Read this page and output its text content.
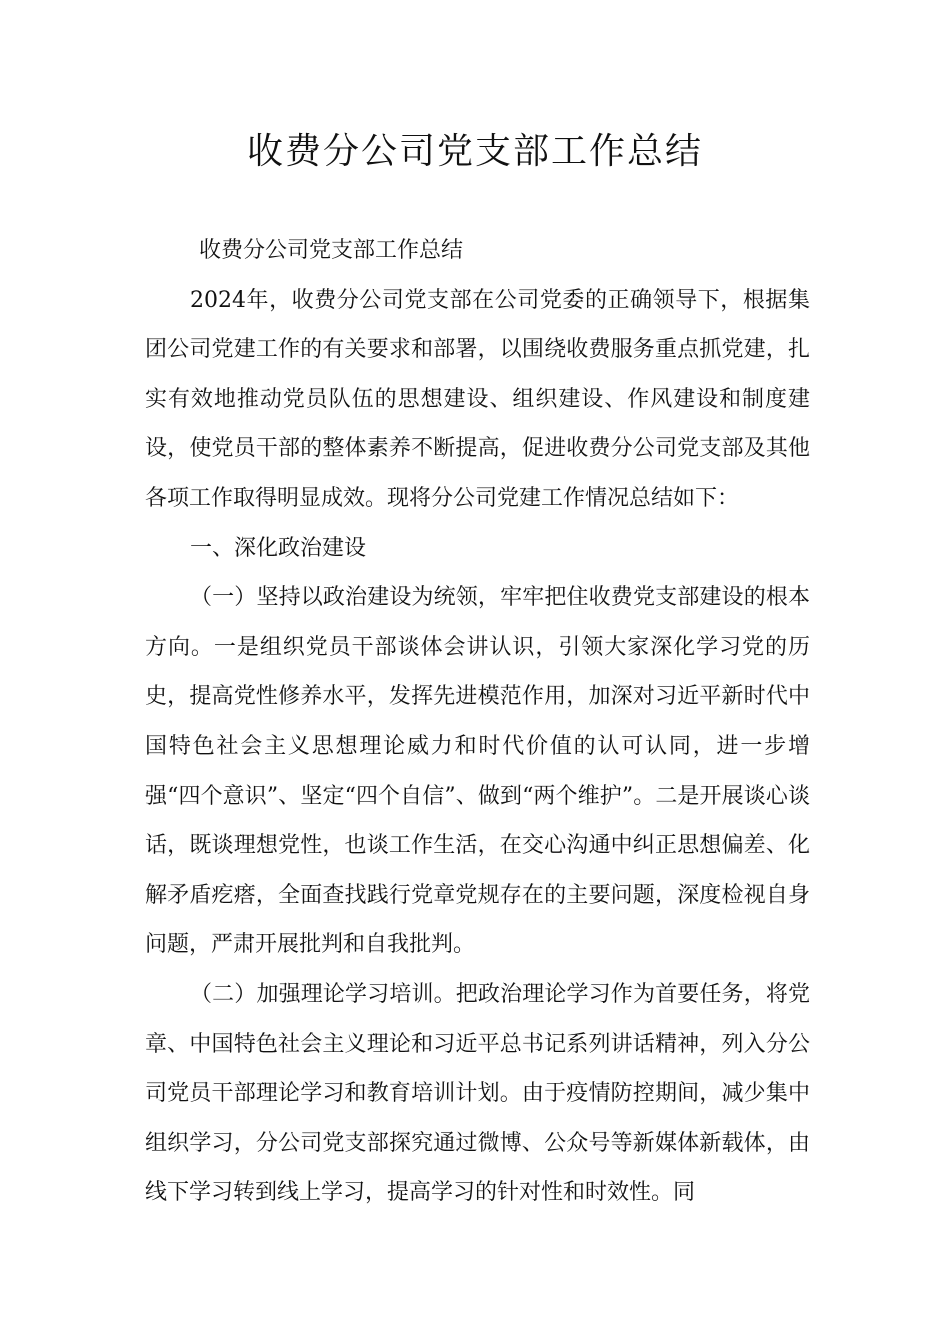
收费分公司党支部工作总结

收费分公司党支部工作总结

2024年，收费分公司党支部在公司党委的正确领导下，根据集团公司党建工作的有关要求和部署，以围绕收费服务重点抓党建，扎实有效地推动党员队伍的思想建设、组织建设、作风建设和制度建设，使党员干部的整体素养不断提高，促进收费分公司党支部及其他各项工作取得明显成效。现将分公司党建工作情况总结如下：

一、深化政治建设

（一）坚持以政治建设为统领，牢牢把住收费党支部建设的根本方向。一是组织党员干部谈体会讲认识，引领大家深化学习党的历史，提高党性修养水平，发挥先进模范作用，加深对习近平新时代中国特色社会主义思想理论威力和时代价值的认可认同，进一步增强“四个意识”、坚定“四个自信”、做到“两个维护”。二是开展谈心谈话，既谈理想党性，也谈工作生活，在交心沟通中纠正思想偏差、化解矛盾疙瘩，全面查找践行党章党规存在的主要问题，深度检视自身问题，严肃开展批判和自我批判。

（二）加强理论学习培训。把政治理论学习作为首要任务，将党章、中国特色社会主义理论和习近平总书记系列讲话精神，列入分公司党员干部理论学习和教育培训计划。由于疫情防控期间，减少集中组织学习，分公司党支部探究通过微博、公众号等新媒体新载体，由线下学习转到线上学习，提高学习的针对性和时效性。同
